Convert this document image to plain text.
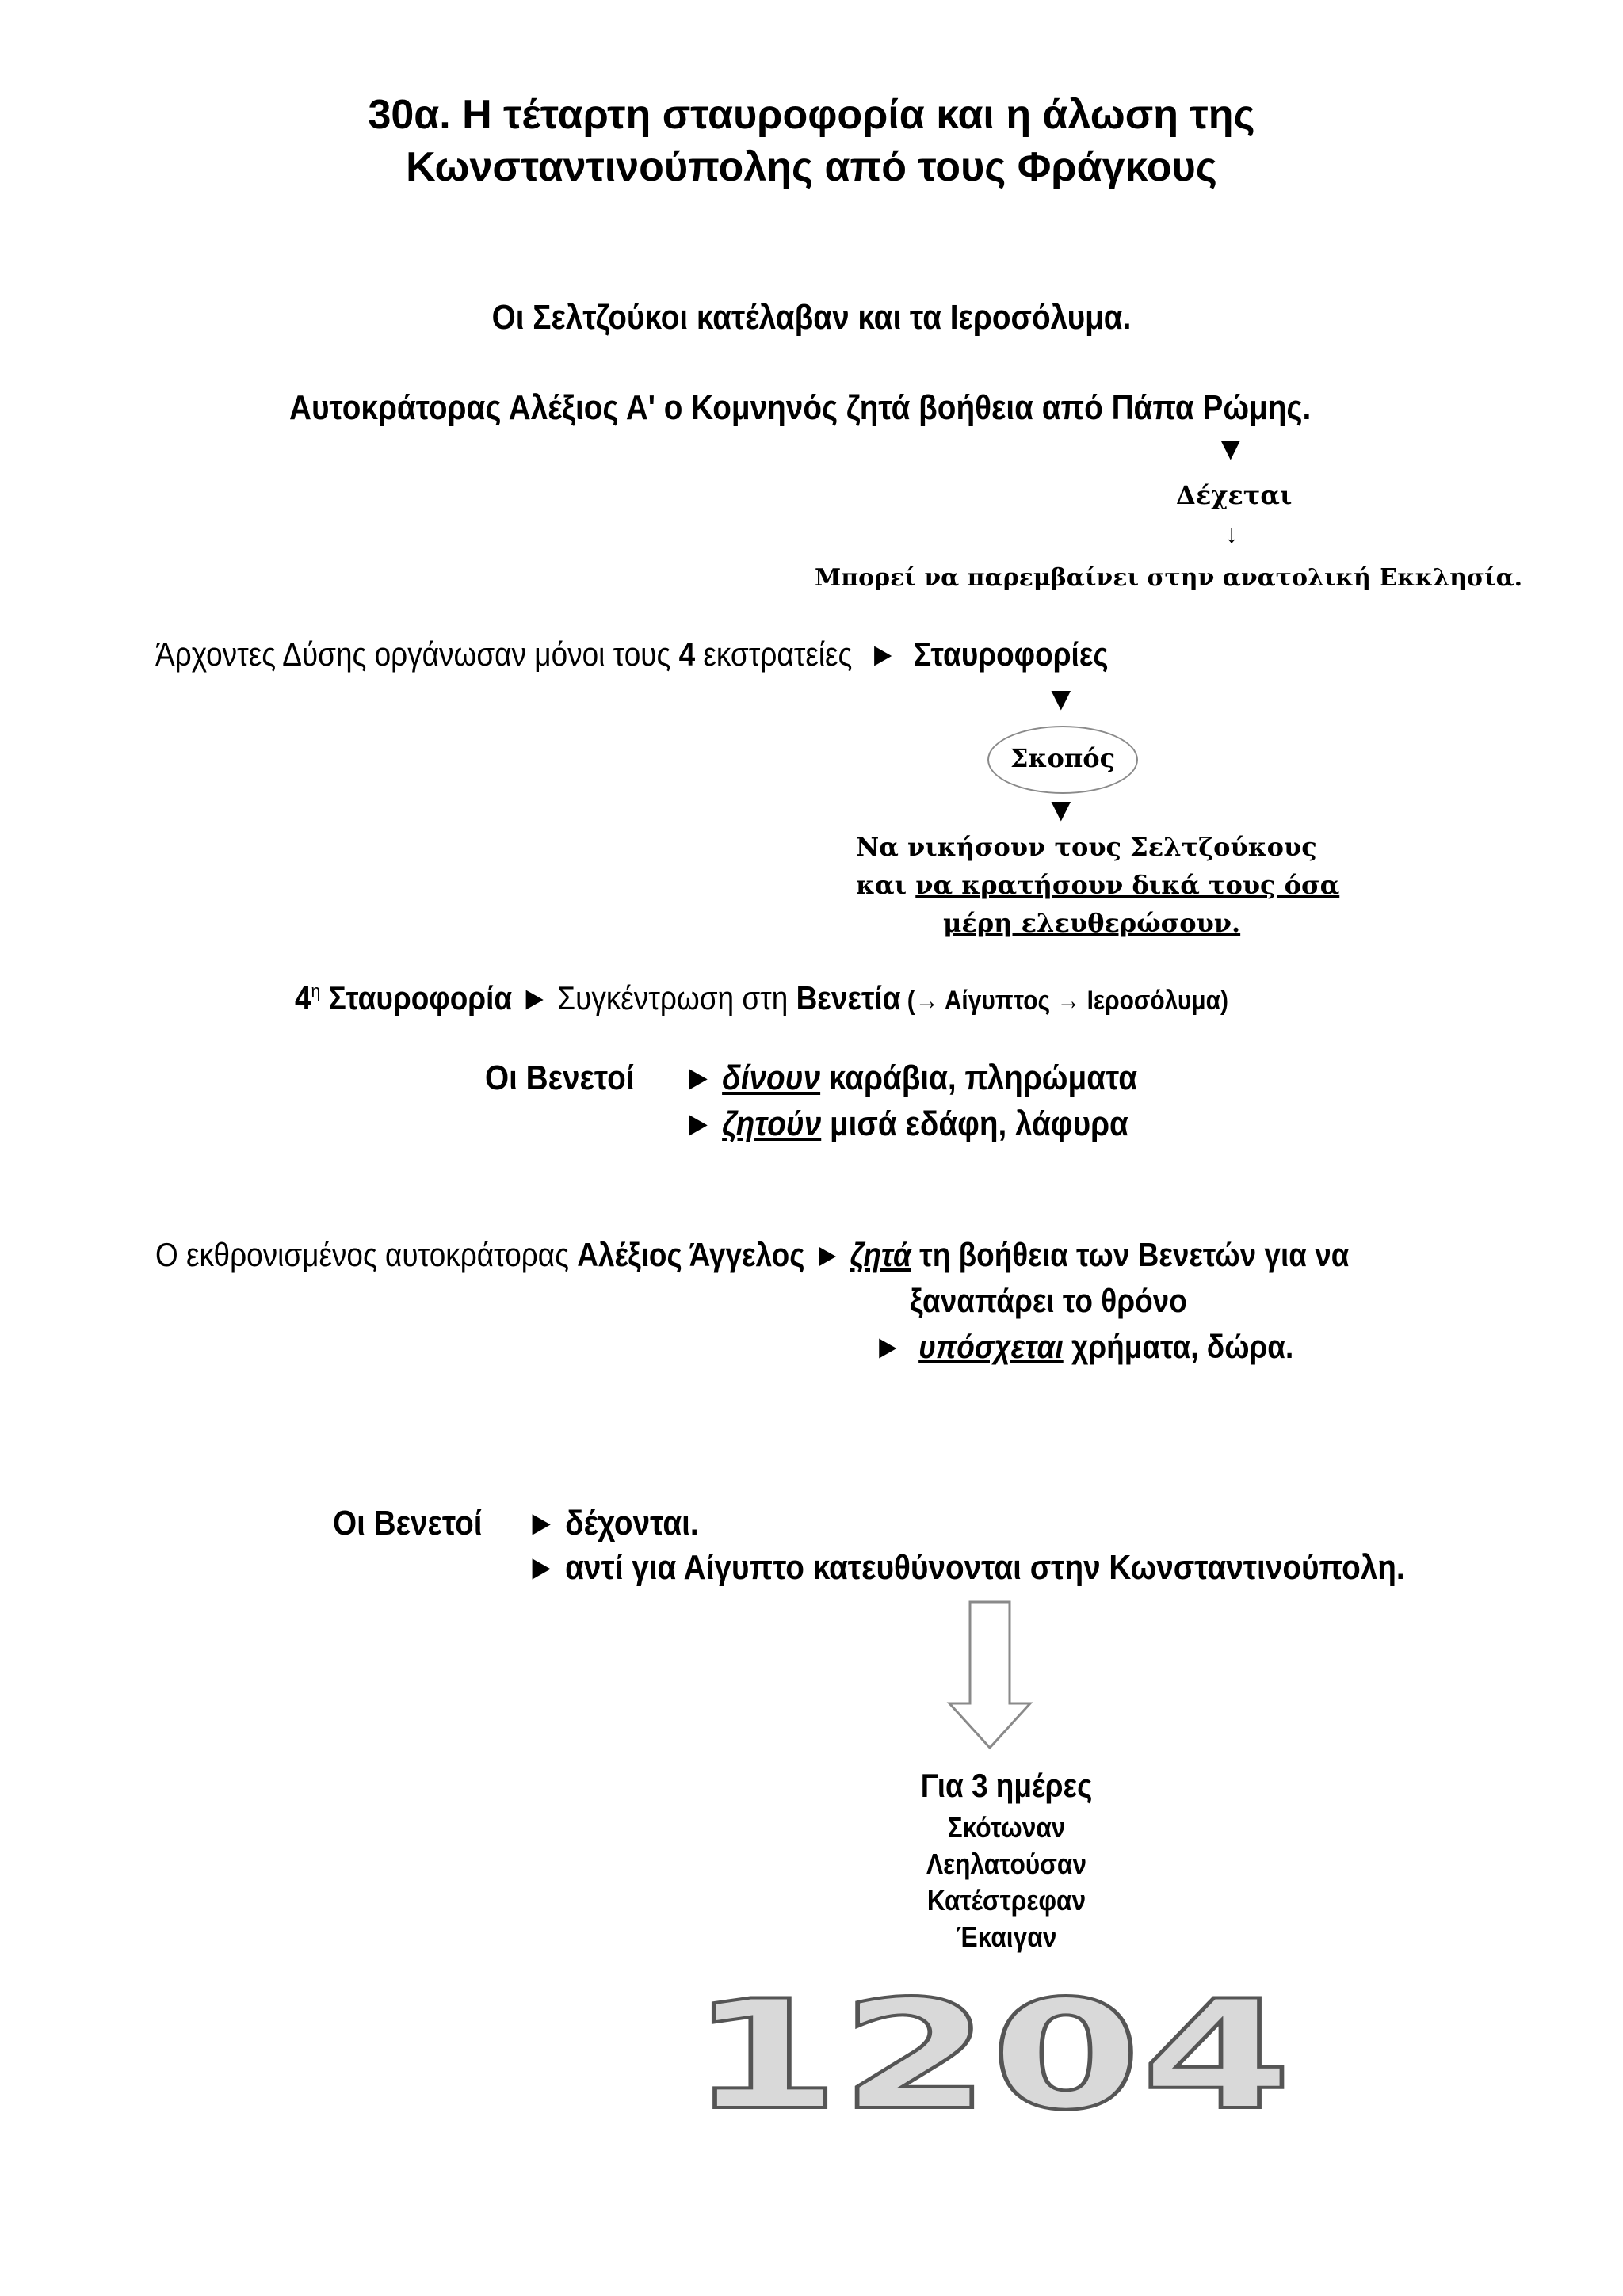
30α. Η τέταρτη σταυροφορία και η άλωση της
Κωνσταντινούπολης από τους Φράγκους
Οι Σελτζούκοι κατέλαβαν και τα Ιεροσόλυμα.
Αυτοκράτορας Αλέξιος Α' ο Κομνηνός ζητά βοήθεια από Πάπα Ρώμης.
▼
Δέχεται
↓
Μπορεί να παρεμβαίνει στην ανατολική Εκκλησία.
Άρχοντες Δύσης οργάνωσαν μόνοι τους 4 εκστρατείες ► Σταυροφορίες
▼
Σκοπός
▼
Να νικήσουν τους Σελτζούκους
και να κρατήσουν δικά τους όσα
μέρη ελευθερώσουν.
$4^\eta$ Σταυροφορία ► Συγκέντρωση στη Βενετία (→ Αίγυπτος → Ιεροσόλυμα)
Οι Βενετοί ► δίνουν καράβια, πληρώματα
► ζητούν μισά εδάφη, λάφυρα
Ο εκθρονισμένος αυτοκράτορας Αλέξιος Άγγελος ► ζητά τη βοήθεια των Βενετών για να
ξαναπάρει το θρόνο
► υπόσχεται χρήματα, δώρα.
Οι Βενετοί ► δέχονται.
► αντί για Αίγυπτο κατευθύνονται στην Κωνσταντινούπολη.
Για 3 ημέρες
Σκότωναν
Λεηλατούσαν
Κατέστρεφαν
Έκαιγαν
1204
